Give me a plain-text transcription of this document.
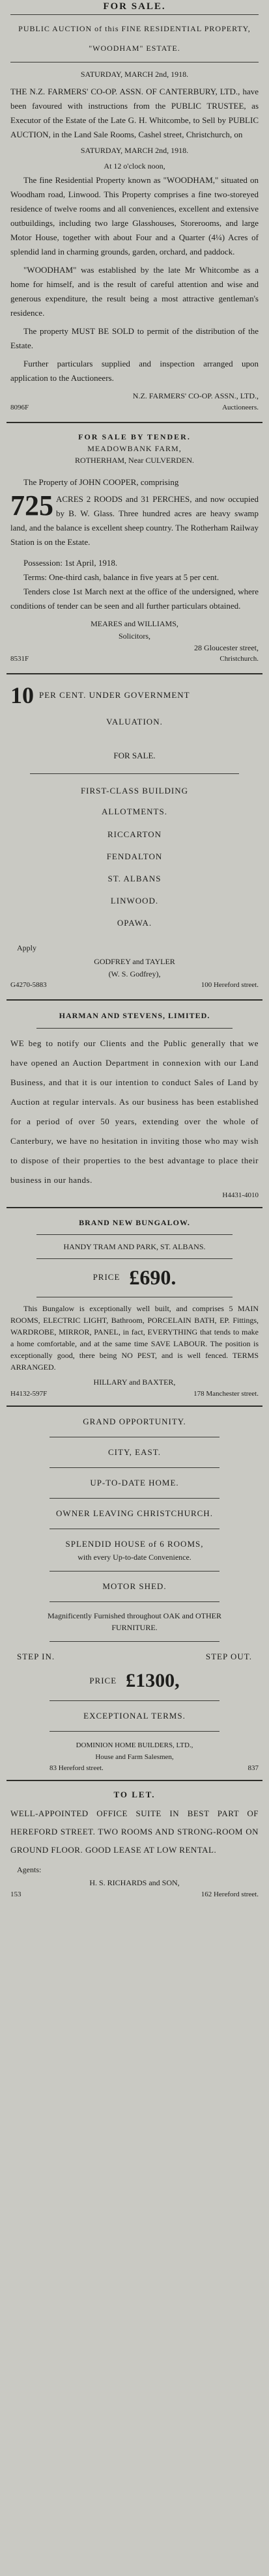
FOR SALE.
PUBLIC AUCTION of this FINE RESIDENTIAL PROPERTY, "WOODHAM" ESTATE.
SATURDAY, MARCH 2nd, 1918.
THE N.Z. FARMERS' CO-OP. ASSN. OF CANTERBURY, LTD., have been favoured with instructions from the PUBLIC TRUSTEE, as Executor of the Estate of the Late G. H. Whitcombe, to Sell by PUBLIC AUCTION, in the Land Sale Rooms, Cashel street, Christchurch, on
SATURDAY, MARCH 2nd, 1918.
At 12 o'clock noon,
The fine Residential Property known as "WOODHAM," situated on Woodham road, Linwood. This Property comprises a fine two-storeyed residence of twelve rooms and all conveniences, excellent and extensive outbuildings, including two large Glasshouses, Storerooms, and large Motor House, together with about Four and a Quarter (4¼) Acres of splendid land in charming grounds, garden, orchard, and paddock.
"WOODHAM" was established by the late Mr Whitcombe as a home for himself, and is the result of careful attention and wise and generous expenditure, the result being a most attractive gentleman's residence.
The property MUST BE SOLD to permit of the distribution of the Estate.
Further particulars supplied and inspection arranged upon application to the Auctioneers.
N.Z. FARMERS' CO-OP. ASSN., LTD.,
8096F	Auctioneers.
FOR SALE BY TENDER.
MEADOWBANK FARM,
ROTHERHAM, Near CULVERDEN.
The Property of JOHN COOPER, comprising
725 ACRES 2 ROODS and 31 PERCHES, and now occupied by B. W. Glass. Three hundred acres are heavy swamp land, and the balance is excellent sheep country. The Rotherham Railway Station is on the Estate.
Possession: 1st April, 1918.
Terms: One-third cash, balance in five years at 5 per cent.
Tenders close 1st March next at the office of the undersigned, where conditions of tender can be seen and all further particulars obtained.
MEARES and WILLIAMS,
Solicitors,
28 Gloucester street,
8531F	Christchurch.
10 PER CENT. UNDER GOVERNMENT
VALUATION.
FOR SALE.
FIRST-CLASS BUILDING
ALLOTMENTS.
RICCARTON
FENDALTON
ST. ALBANS
LINWOOD.
OPAWA.
Apply
GODFREY and TAYLER
(W. S. Godfrey),
G4270-5883	100 Hereford street.
HARMAN AND STEVENS, LIMITED.
WE beg to notify our Clients and the Public generally that we have opened an Auction Department in connexion with our Land Business, and that it is our intention to conduct Sales of Land by Auction at regular intervals. As our business has been established for a period of over 50 years, extending over the whole of Canterbury, we have no hesitation in inviting those who may wish to dispose of their properties to the best advantage to place their business in our hands.
H4431-4010
BRAND NEW BUNGALOW.
HANDY TRAM AND PARK, ST. ALBANS.
PRICE £690.
This Bungalow is exceptionally well built, and comprises 5 MAIN ROOMS, ELECTRIC LIGHT, Bathroom, PORCELAIN BATH, EP. Fittings, WARDROBE, MIRROR, PANEL, in fact, EVERYTHING that tends to make a home comfortable, and at the same time SAVE LABOUR. The position is exceptionally good, there being NO PEST, and is well fenced. TERMS ARRANGED.
HILLARY and BAXTER,
H4132-597F	178 Manchester street.
GRAND OPPORTUNITY.
CITY, EAST.
UP-TO-DATE HOME.
OWNER LEAVING CHRISTCHURCH.
SPLENDID HOUSE of 6 ROOMS,
with every Up-to-date Convenience.
MOTOR SHED.
Magnificently Furnished throughout OAK and OTHER FURNITURE.
STEP IN.	STEP OUT.
PRICE £1300,
EXCEPTIONAL TERMS.
DOMINION HOME BUILDERS, LTD.,
House and Farm Salesmen,
83 Hereford street.	837
TO LET.
WELL-APPOINTED OFFICE SUITE IN BEST PART OF HEREFORD STREET. TWO ROOMS AND STRONG-ROOM ON GROUND FLOOR. GOOD LEASE AT LOW RENTAL.
Agents:
H. S. RICHARDS and SON,
153	162 Hereford street.
